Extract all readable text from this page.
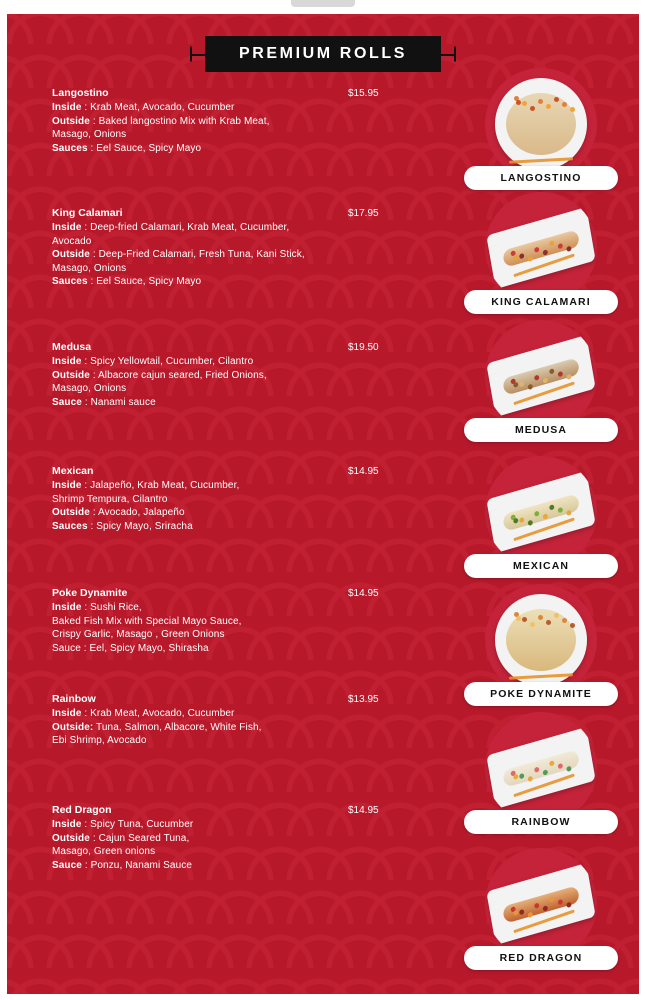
PREMIUM ROLLS
Langostino	$15.95
Inside : Krab Meat, Avocado, Cucumber
Outside : Baked langostino Mix with Krab Meat,
Masago, Onions
Sauces : Eel Sauce, Spicy Mayo
King Calamari	$17.95
Inside : Deep-fried Calamari, Krab Meat, Cucumber,
Avocado
Outside : Deep-Fried Calamari, Fresh Tuna, Kani Stick,
Masago, Onions
Sauces : Eel Sauce, Spicy Mayo
Medusa	$19.50
Inside : Spicy Yellowtail, Cucumber, Cilantro
Outside : Albacore cajun seared, Fried Onions,
Masago, Onions
Sauce : Nanami sauce
Mexican	$14.95
Inside : Jalapeño, Krab Meat, Cucumber,
Shrimp Tempura, Cilantro
Outside : Avocado, Jalapeño
Sauces : Spicy Mayo, Sriracha
Poke Dynamite	$14.95
Inside : Sushi Rice,
Baked Fish Mix with Special Mayo Sauce,
Crispy Garlic, Masago , Green Onions
Sauce : Eel, Spicy Mayo, Shirasha
Rainbow	$13.95
Inside : Krab Meat, Avocado, Cucumber
Outside: Tuna, Salmon, Albacore, White Fish,
Ebi Shrimp, Avocado
Red Dragon	$14.95
Inside : Spicy Tuna, Cucumber
Outside : Cajun Seared Tuna,
Masago, Green onions
Sauce : Ponzu, Nanami Sauce
LANGOSTINO
KING CALAMARI
MEDUSA
MEXICAN
POKE DYNAMITE
RAINBOW
RED DRAGON
